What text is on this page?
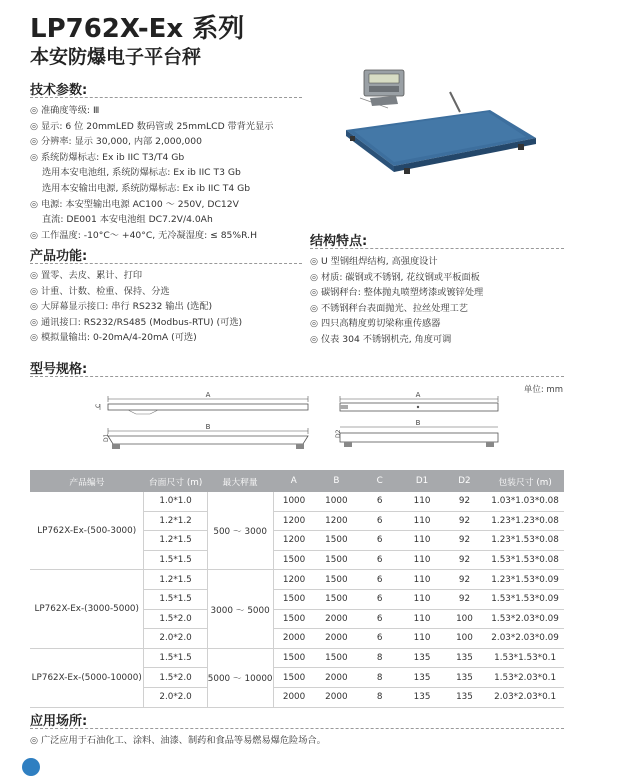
LP762X-Ex 系列
本安防爆电子平台秤
技术参数:
◎ 准确度等级: Ⅲ
◎ 显示: 6 位 20mmLED 数码管或 25mmLCD 带背光显示
◎ 分辨率: 显示 30,000, 内部 2,000,000
◎ 系统防爆标志: Ex ib IIC T3/T4 Gb
选用本安电池组, 系统防爆标志: Ex ib IIC T3 Gb
选用本安输出电源, 系统防爆标志: Ex ib IIC T4 Gb
◎ 电源: 本安型输出电源 AC100 ～ 250V, DC12V
直流: DE001 本安电池组 DC7.2V/4.0Ah
◎ 工作温度: -10°C～ +40°C, 无冷凝湿度: ≤ 85%R.H
产品功能:
◎ 置零、去皮、累计、打印
◎ 计重、计数、检重、保持、分选
◎ 大屏幕显示接口: 串行 RS232 输出 (选配)
◎ 通讯接口: RS232/RS485 (Modbus-RTU) (可选)
◎ 模拟量输出: 0-20mA/4-20mA (可选)
结构特点:
◎ U 型钢组焊结构, 高强度设计
◎ 材质: 碳钢或不锈钢, 花纹钢或平板面板
◎ 碳钢秤台: 整体抛丸喷塑烤漆或镀锌处理
◎ 不锈钢秤台表面抛光、拉丝处理工艺
◎ 四只高精度剪切梁称重传感器
◎ 仪表 304 不锈钢机壳, 角度可调
型号规格:
单位: mm
A
C
B
D1
A
B
D2
产品编号	台面尺寸 (m)	最大秤量	A	B	C	D1	D2	包装尺寸 (m)
LP762X-Ex-(500-3000)	1.0*1.0	500 ～ 3000	1000	1000	6	110	92	1.03*1.03*0.08
	1.2*1.2		1200	1200	6	110	92	1.23*1.23*0.08
	1.2*1.5		1200	1500	6	110	92	1.23*1.53*0.08
	1.5*1.5		1500	1500	6	110	92	1.53*1.53*0.08
LP762X-Ex-(3000-5000)	1.2*1.5	3000 ～ 5000	1200	1500	6	110	92	1.23*1.53*0.09
	1.5*1.5		1500	1500	6	110	92	1.53*1.53*0.09
	1.5*2.0		1500	2000	6	110	100	1.53*2.03*0.09
	2.0*2.0		2000	2000	6	110	100	2.03*2.03*0.09
LP762X-Ex-(5000-10000)	1.5*1.5	5000 ～ 10000	1500	1500	8	135	135	1.53*1.53*0.1
	1.5*2.0		1500	2000	8	135	135	1.53*2.03*0.1
	2.0*2.0		2000	2000	8	135	135	2.03*2.03*0.1
应用场所:
◎ 广泛应用于石油化工、涂料、油漆、制药和食品等易燃易爆危险场合。
